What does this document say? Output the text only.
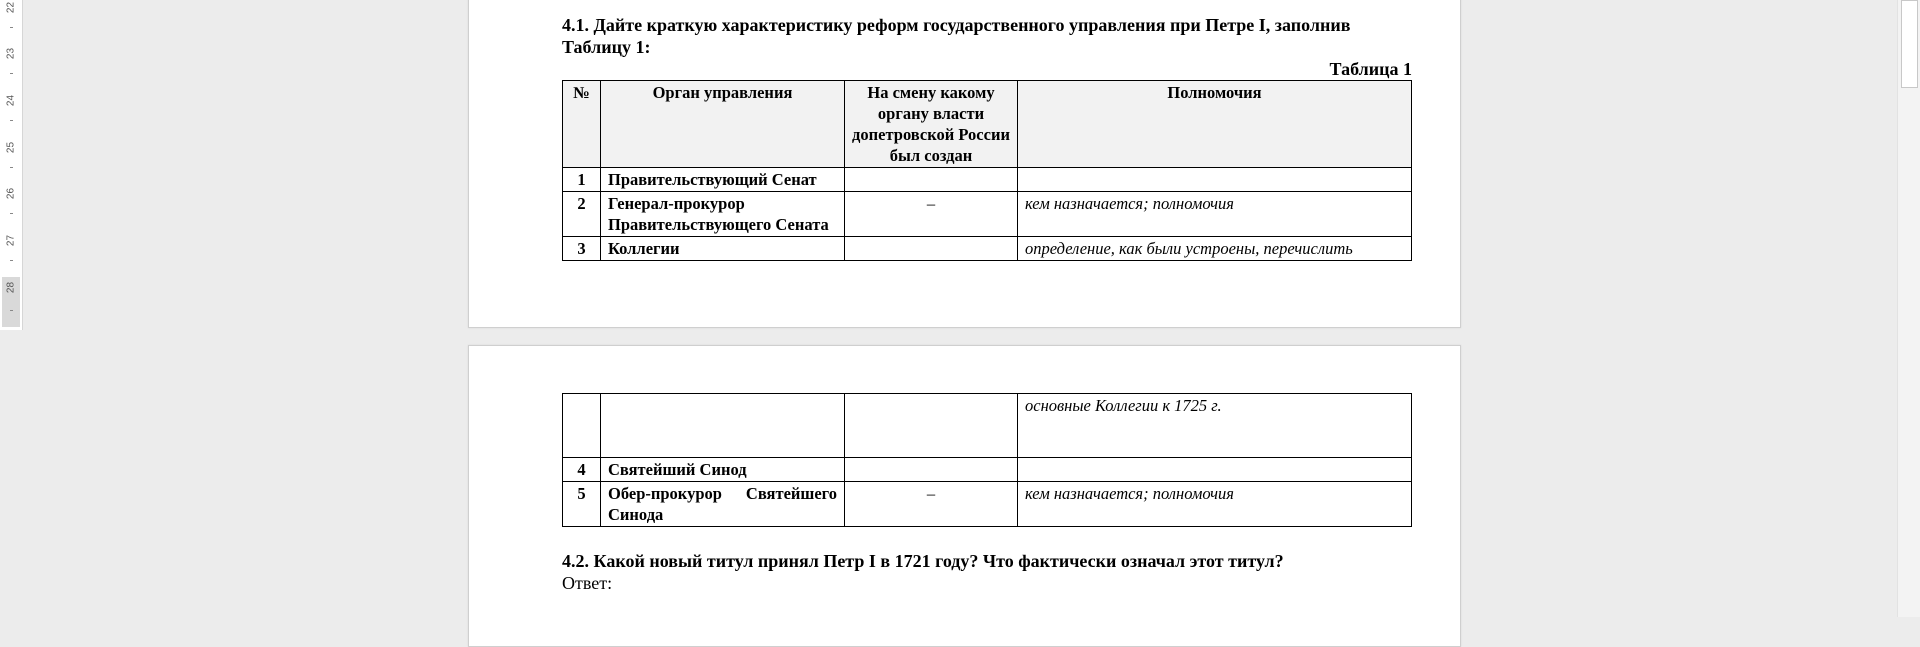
22
23
24
25
26
27
28
4.1. Дайте краткую характеристику реформ государственного управления при Петре I, заполнив Таблицу 1:
Таблица 1
№	Орган управления	На смену какому органу власти допетровской России был создан	Полномочия
1	Правительствующий Сенат		
2	Генерал-прокурор Правительствующего Сената	–	кем назначается; полномочия
3	Коллегии		определение, как были устроены, перечислить
			основные Коллегии к 1725 г.
4	Святейший Синод		
5	Обер-прокурор Святейшего Синода	–	кем назначается; полномочия
4.2. Какой новый титул принял Петр I в 1721 году? Что фактически означал этот титул?
Ответ:
